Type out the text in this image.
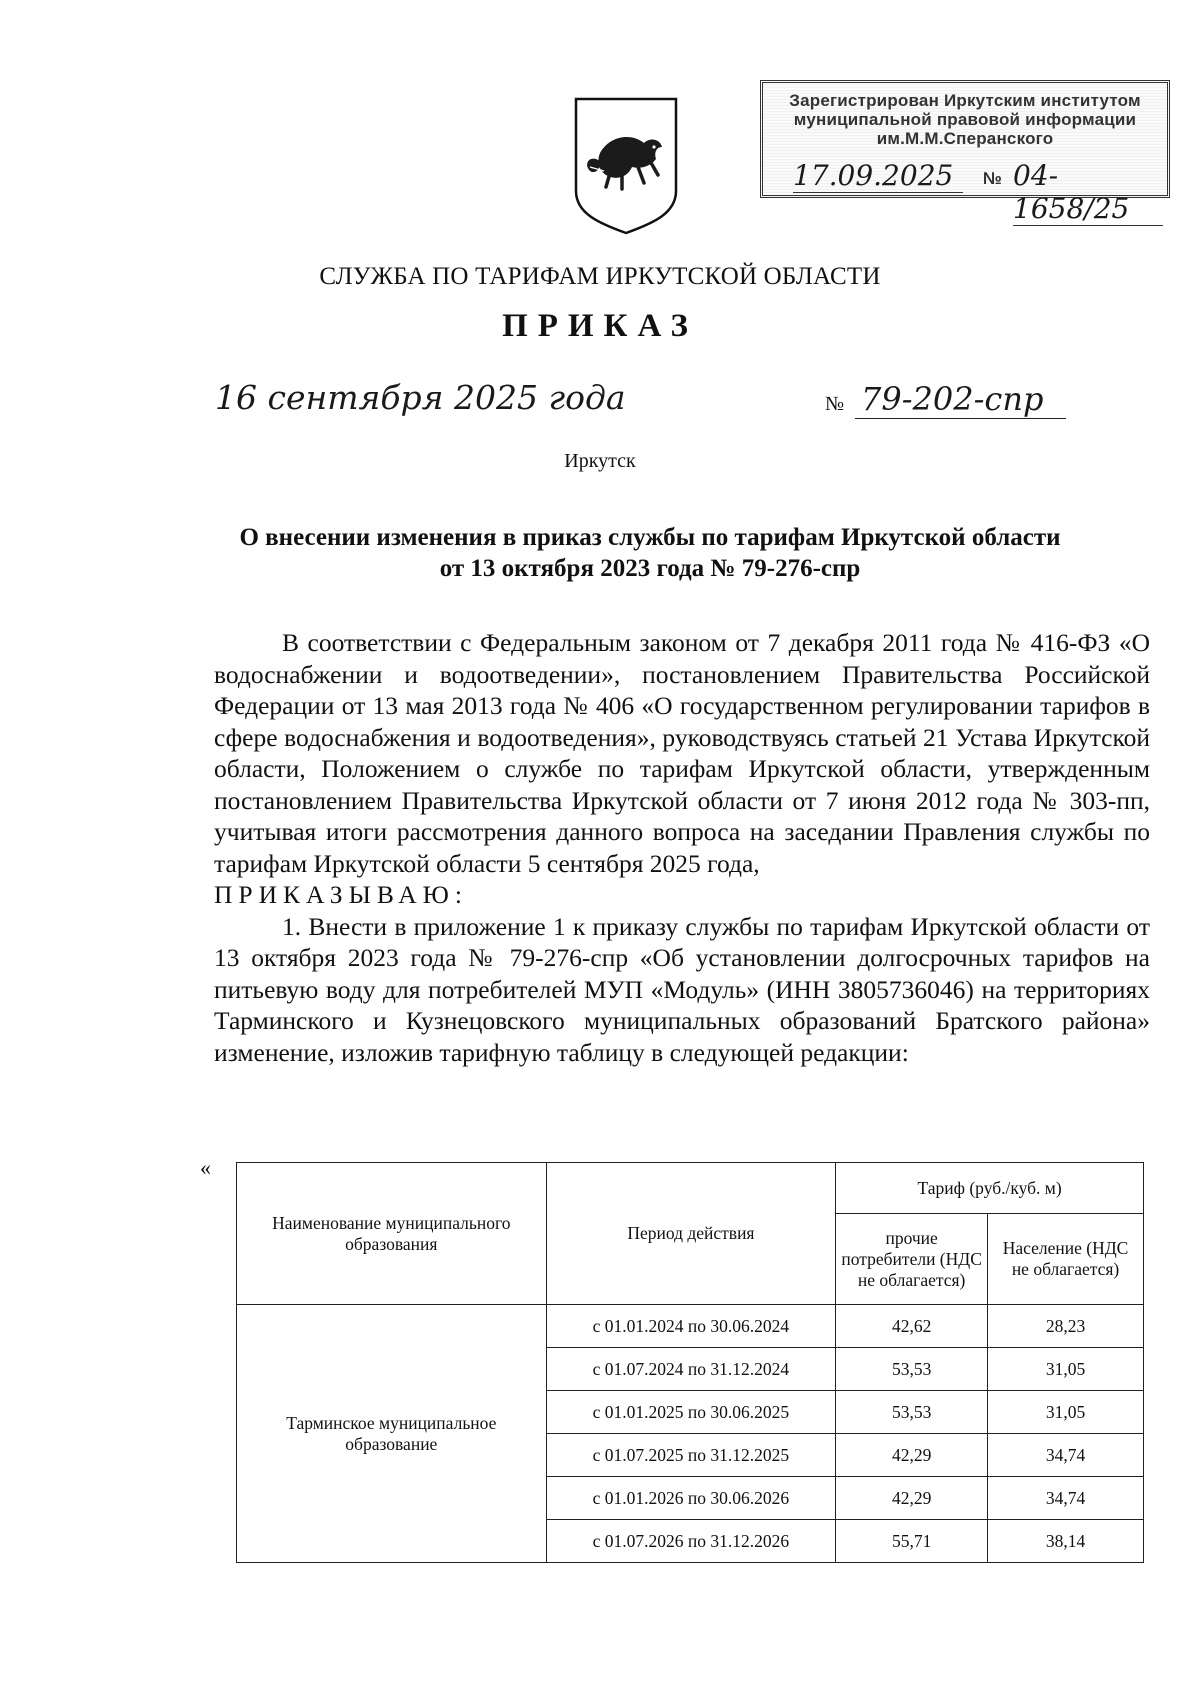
Зарегистрирован Иркутским институтом
муниципальной правовой информации
им.М.М.Сперанского
17.09.2025	№ 04-1658/25
СЛУЖБА ПО ТАРИФАМ ИРКУТСКОЙ ОБЛАСТИ
ПРИКАЗ
16 сентября 2025 года	№ 79-202-спр
Иркутск
О внесении изменения в приказ службы по тарифам Иркутской области
от 13 октября 2023 года № 79-276-спр

В соответствии с Федеральным законом от 7 декабря 2011 года № 416-ФЗ «О водоснабжении и водоотведении», постановлением Правительства Российской Федерации от 13 мая 2013 года № 406 «О государственном регулировании тарифов в сфере водоснабжения и водоотведения», руководствуясь статьей 21 Устава Иркутской области, Положением о службе по тарифам Иркутской области, утвержденным постановлением Правительства Иркутской области от 7 июня 2012 года № 303-пп, учитывая итоги рассмотрения данного вопроса на заседании Правления службы по тарифам Иркутской области 5 сентября 2025 года,

ПРИКАЗЫВАЮ:

1. Внести в приложение 1 к приказу службы по тарифам Иркутской области от 13 октября 2023 года № 79-276-спр «Об установлении долгосрочных тарифов на питьевую воду для потребителей МУП «Модуль» (ИНН 3805736046) на территориях Тарминского и Кузнецовского муниципальных образований Братского района» изменение, изложив тарифную таблицу в следующей редакции:

«
Наименование муниципального образования	Период действия	Тариф (руб./куб. м)	
		прочие потребители (НДС не облагается)	Население (НДС не облагается)
Тарминское муниципальное образование	с 01.01.2024 по 30.06.2024	42,62	28,23
	с 01.07.2024 по 31.12.2024	53,53	31,05
	с 01.01.2025 по 30.06.2025	53,53	31,05
	с 01.07.2025 по 31.12.2025	42,29	34,74
	с 01.01.2026 по 30.06.2026	42,29	34,74
	с 01.07.2026 по 31.12.2026	55,71	38,14
